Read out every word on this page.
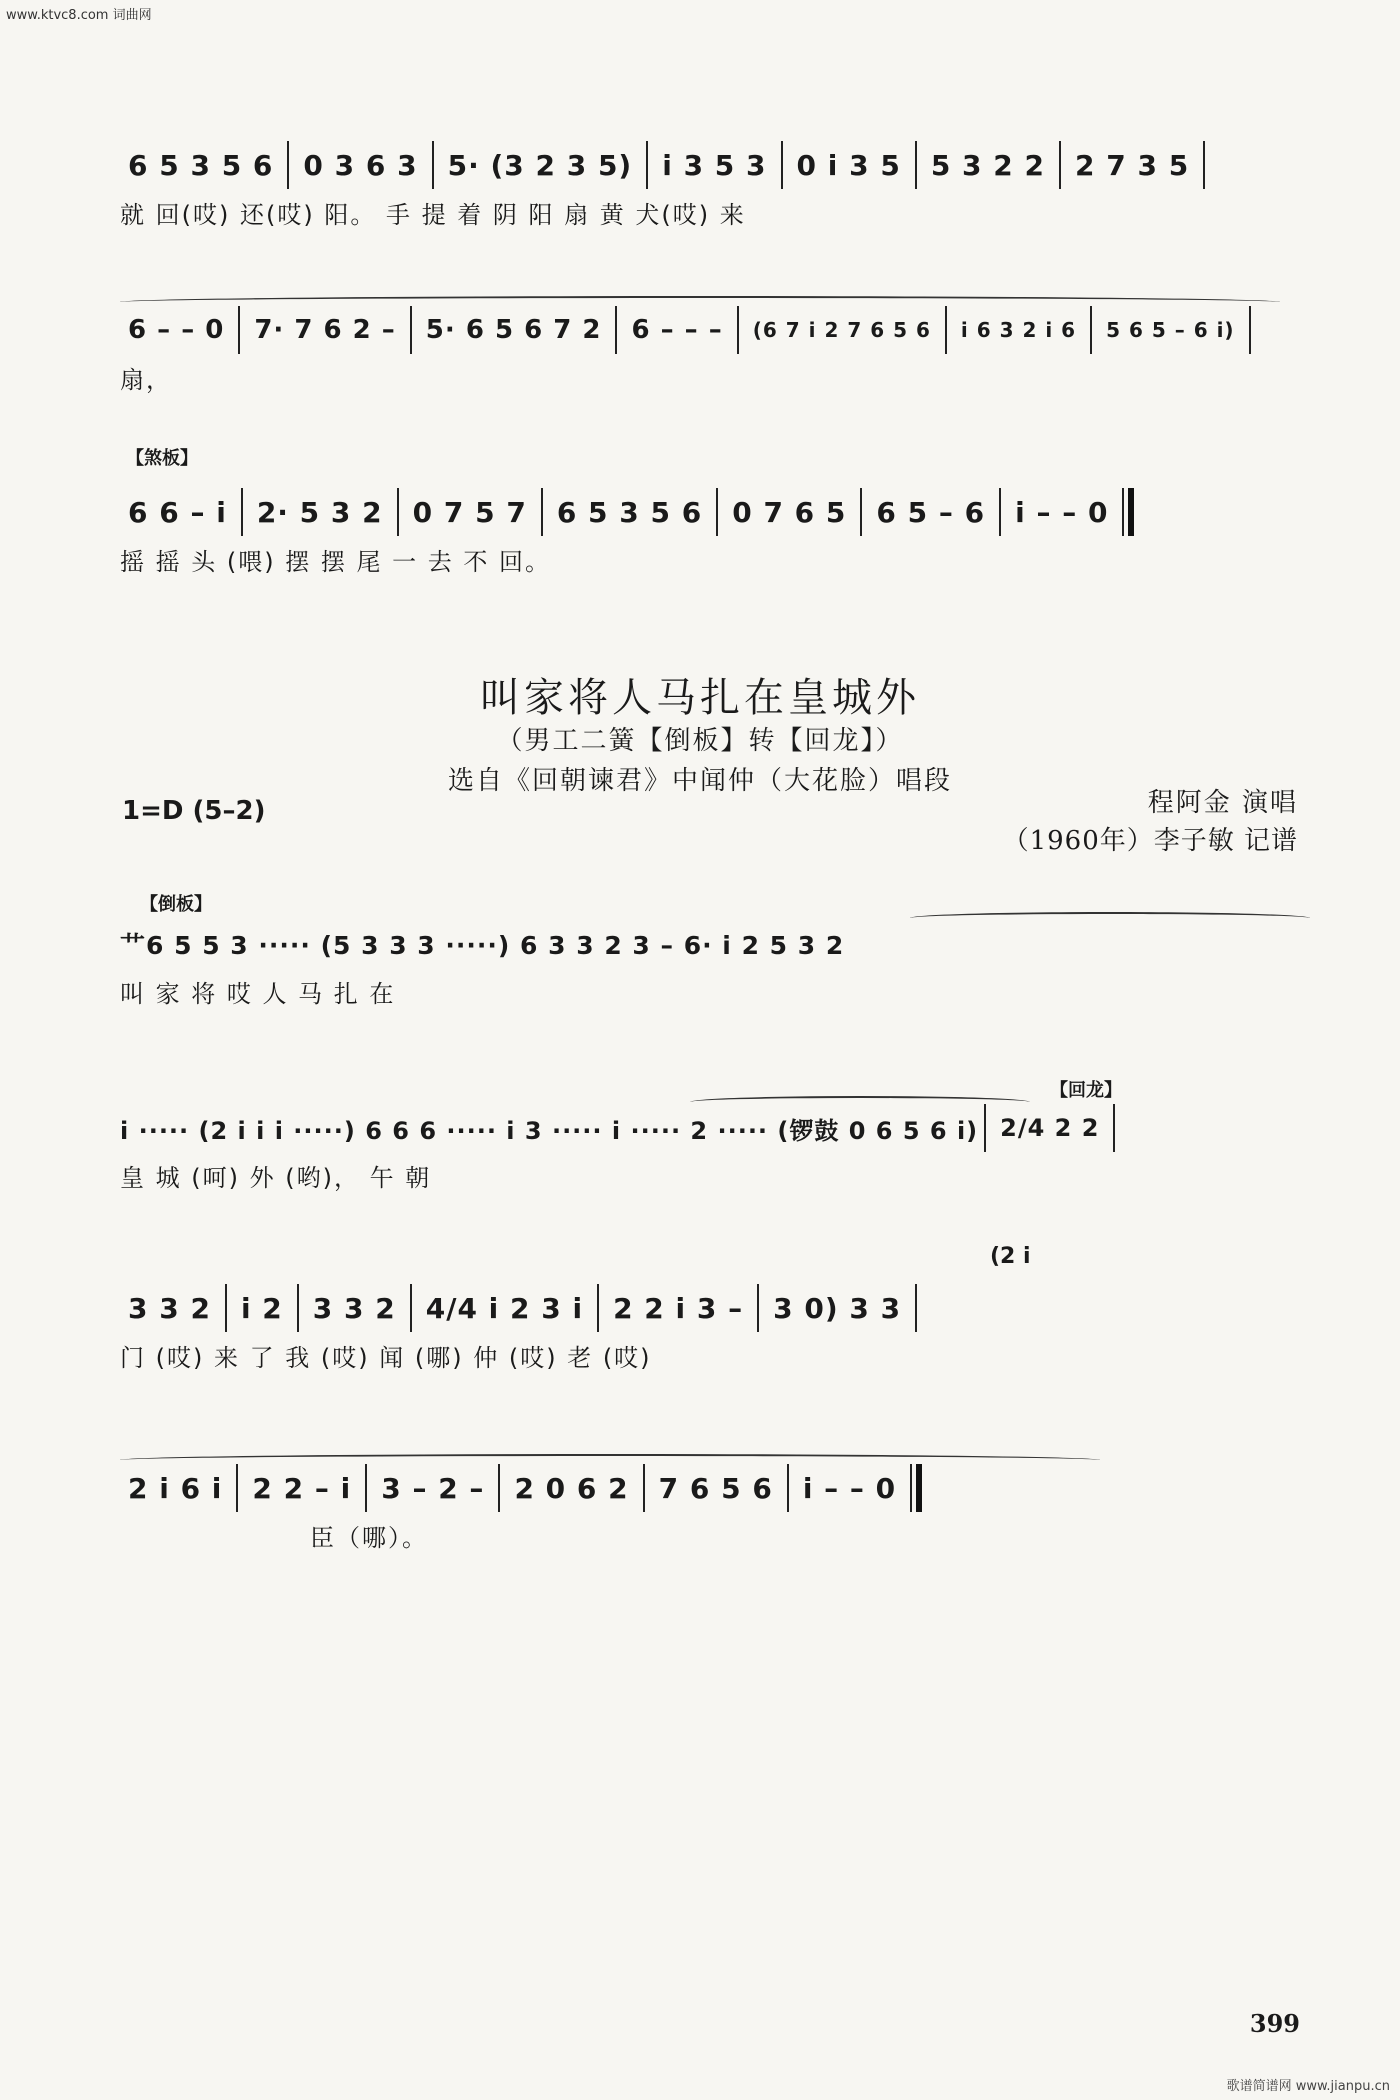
www.ktvc8.com 词曲网
6 5 3 5 6 0 3 6 3 5· (3 2 3 5) i 3 5 3 0 i 3 5 5 3 2 2 2 7 3 5
就 回(哎) 还(哎) 阳。 手 提 着 阴 阳 扇 黄 犬(哎) 来
6 – – 0	7· 7 6 2 –	5· 6 5 6 7 2	6 – – –	(6 7 i 2 7 6 5 6	i 6 3 2 i 6	5 6 5 – 6 i)
扇，
【煞板】
6 6 – i 2· 5 3 2 0 7 5 7 6 5 3 5 6 0 7 6 5 6 5 – 6 i – – 0
摇 摇 头 (喂) 摆 摆 尾 一 去 不 回。
叫家将人马扎在皇城外
（男工二簧【倒板】转【回龙】）
选自《回朝谏君》中闻仲（大花脸）唱段
1=D (5–2)	程阿金 演唱
（1960年）李子敏 记谱
【倒板】
艹6 5 5 3 ····· (5 3 3 3 ·····) 6 3 3 2 3 – 6· i 2 5 3 2
叫 家 将 哎 人 马 扎 在
【回龙】
i ····· (2 i i i ·····) 6 6 6 ····· i 3 ····· i ····· 2 ····· (锣鼓 0 6 5 6 i) 2/4 2 2
皇 城 (呵) 外 (哟)， 午 朝
(2 i
3 3 2 i 2 3 3 2 4/4 i 2 3 i 2 2 i 3 – 3 0) 3 3
门 (哎) 来 了 我 (哎) 闻 (哪) 仲 (哎) 老 (哎)
2 i 6 i 2 2 – i 3 – 2 – 2 0 6 2 7 6 5 6 i – – 0
臣（哪）。
399
歌谱简谱网 www.jianpu.cn
